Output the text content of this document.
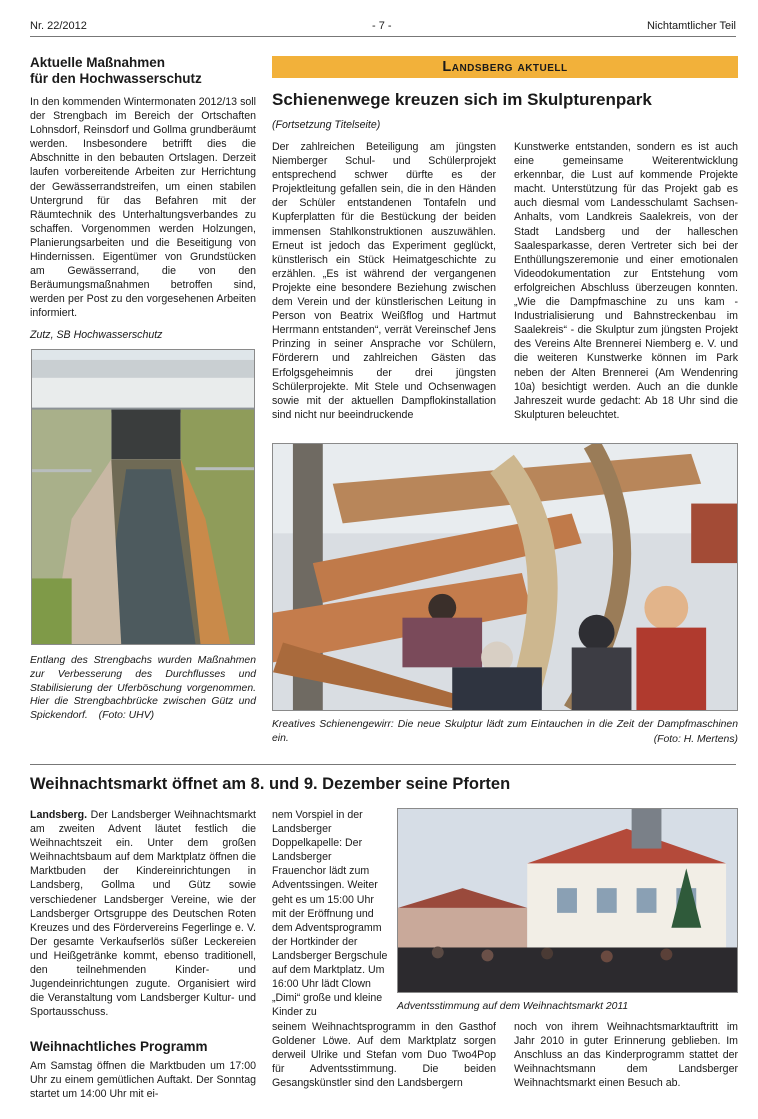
Nr. 22/2012	- 7 -	Nichtamtlicher Teil
Aktuelle Maßnahmen
für den Hochwasserschutz
In den kommenden Wintermonaten 2012/13 soll der Strengbach im Bereich der Ortschaften Lohnsdorf, Reinsdorf und Gollma grundberäumt werden. Insbesondere betrifft dies die Abschnitte in den bebauten Ortslagen. Derzeit laufen vorbereitende Arbeiten zur Herrichtung der Gewässerrandstreifen, um einen stabilen Untergrund für das Befahren mit der Räumtechnik des Unterhaltungsverbandes zu schaffen. Vorgenommen werden Holzungen, Planierungsarbeiten und die Beseitigung von Hindernissen. Eigentümer von Grundstücken am Gewässerrand, die von den Beräumungsmaßnahmen betroffen sind, werden per Post zu den vorgesehenen Arbeiten informiert.
Zutz, SB Hochwasserschutz
Entlang des Strengbachs wurden Maßnahmen zur Verbesserung des Durchflusses und Stabilisierung der Uferböschung vorgenommen. Hier die Strengbachbrücke zwischen Gütz und Spickendorf. (Foto: UHV)
Landsberg aktuell
Schienenwege kreuzen sich im Skulpturenpark
(Fortsetzung Titelseite)
Der zahlreichen Beteiligung am jüngsten Niemberger Schul- und Schülerprojekt entsprechend schwer dürfte es der Projektleitung gefallen sein, die in den Händen der Schüler entstandenen Tontafeln und Kupferplatten für die Bestückung der beiden immensen Stahlkonstruktionen auszuwählen. Erneut ist jedoch das Experiment geglückt, künstlerisch ein Stück Heimatgeschichte zu erzählen. „Es ist während der vergangenen Projekte eine besondere Beziehung zwischen dem Verein und der künstlerischen Leitung in Person von Beatrix Weißflog und Hartmut Herrmann entstanden“, verrät Vereinschef Jens Prinzing in seiner Ansprache vor Schülern, Förderern und zahlreichen Gästen das Erfolgsgeheimnis der drei jüngsten Schülerprojekte. Mit Stele und Ochsenwagen sowie mit der aktuellen Dampflokinstallation sind nicht nur beeindruckende
Kunstwerke entstanden, sondern es ist auch eine gemeinsame Weiterentwicklung erkennbar, die Lust auf kommende Projekte macht. Unterstützung für das Projekt gab es auch diesmal vom Landesschulamt Sachsen-Anhalts, vom Landkreis Saalekreis, von der Stadt Landsberg und der halleschen Saalesparkasse, deren Vertreter sich bei der Enthüllungszeremonie und einer emotionalen Videodokumentation zur Entstehung vom erfolgreichen Abschluss überzeugen konnten. „Wie die Dampfmaschine zu uns kam - Industrialisierung und Bahnstreckenbau im Saalekreis“ - die Skulptur zum jüngsten Projekt des Vereins Alte Brennerei Niemberg e. V. und die weiteren Kunstwerke können im Park neben der Alten Brennerei (Am Wendenring 10a) besichtigt werden. Auch an die dunkle Jahreszeit wurde gedacht: Ab 18 Uhr sind die Skulpturen beleuchtet.
Kreatives Schienengewirr: Die neue Skulptur lädt zum Eintauchen in die Zeit der Dampfmaschinen ein.	(Foto: H. Mertens)
Weihnachtsmarkt öffnet am 8. und 9. Dezember seine Pforten
Landsberg. Der Landsberger Weihnachtsmarkt am zweiten Advent läutet festlich die Weihnachtszeit ein. Unter dem großen Weihnachtsbaum auf dem Marktplatz öffnen die Marktbuden der Kindereinrichtungen in Landsberg, Gollma und Gütz sowie verschiedener Landsberger Vereine, wie der Landsberger Ortsgruppe des Deutschen Roten Kreuzes und des Fördervereins Fegerlinge e. V. Der gesamte Verkaufserlös süßer Leckereien und Heißgetränke kommt, ebenso traditionell, den teilnehmenden Kinder- und Jugendeinrichtungen zugute. Organisiert wird die Veranstaltung vom Landsberger Kultur- und Sportausschuss.
Weihnachtliches Programm
Am Samstag öffnen die Marktbuden um 17:00 Uhr zu einem gemütlichen Auftakt. Der Sonntag startet um 14:00 Uhr mit ei-
nem Vorspiel in der Landsberger Doppelkapelle: Der Landsberger Frauenchor lädt zum Adventssingen. Weiter geht es um 15:00 Uhr mit der Eröffnung und dem Adventsprogramm der Hortkinder der Landsberger Bergschule auf dem Marktplatz. Um 16:00 Uhr lädt Clown „Dimi“ große und kleine Kinder zu	Adventsstimmung auf dem Weihnachtsmarkt 2011
seinem Weihnachtsprogramm in den Gasthof Goldener Löwe. Auf dem Marktplatz sorgen derweil Ulrike und Stefan vom Duo Two4Pop für Adventsstimmung. Die beiden Gesangskünstler sind den Landsbergern
noch von ihrem Weihnachtsmarktauftritt im Jahr 2010 in guter Erinnerung geblieben. Im Anschluss an das Kinderprogramm stattet der Weihnachtsmann dem Landsberger Weihnachtsmarkt einen Besuch ab.
